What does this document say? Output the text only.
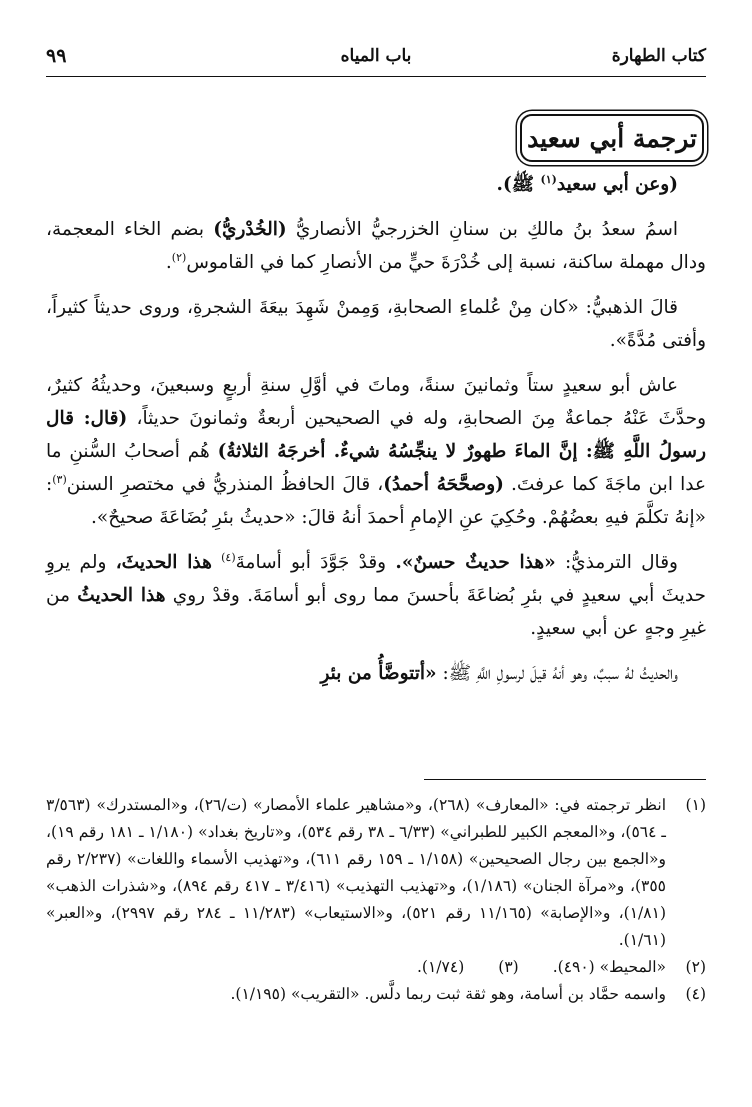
كتاب الطهارة
باب المياه
٩٩
ترجمة أبي سعيد

(وعن أبي سعيد$^{(١)}$ ﷺ).

اسمُ سعدُ بنُ مالكِ بن سنانِ الخزرجيُّ الأنصاريُّ (الخُدْريُّ) بضم الخاء المعجمة، ودال مهملة ساكنة، نسبة إلى خُدْرَةَ حيٍّ من الأنصارِ كما في القاموس$^{(٢)}$.

قالَ الذهبيُّ: «كان مِنْ عُلماءِ الصحابةِ، وَمِمنْ شَهِدَ بيعَةَ الشجرةِ، وروى حديثاً كثيراً، وأفتى مُدَّةً».

عاش أبو سعيدٍ ستاً وثمانينَ سنةً، وماتَ في أوَّلِ سنةِ أربعٍ وسبعينَ، وحديثُهُ كثيرٌ، وحدَّثَ عَنْهُ جماعةٌ مِنَ الصحابةِ، وله في الصحيحين أربعةٌ وثمانونَ حديثاً، (قال: قال رسولُ اللَّهِ ﷺ: إنَّ الماءَ طهورٌ لا ينجِّسُهُ شيءٌ. أخرجَهُ الثلاثةُ) هُم أصحابُ السُّننِ ما عدا ابن ماجَةَ كما عرفتَ. (وصحَّحَهُ أحمدُ)، قالَ الحافظُ المنذريُّ في مختصرِ السنن$^{(٣)}$: «إنهُ تكلَّمَ فيهِ بعضُهُمْ. وحُكِيَ عنِ الإمامِ أحمدَ أنهُ قالَ: «حديثُ بئرِ بُضَاعَةَ صحيحٌ».

وقال الترمذيُّ: «هذا حديثٌ حسنٌ». وقدْ جَوَّدَ أبو أسامةَ$^{(٤)}$ هذا الحديثَ، ولم يروِ حديثَ أبي سعيدٍ في بئرِ بُضاعَةَ بأحسنَ مما روى أبو أسامَةَ. وقدْ روي هذا الحديثُ من غيرِ وجهٍ عن أبي سعيدٍ.

والحديثُ لهُ سببٌ، وهو أنهُ قيلَ لرسولِ اللَّهِ ﷺ: «أتتوضَّأُ من بئرِ

(١)
انظر ترجمته في: «المعارف» (٢٦٨)، و«مشاهير علماء الأمصار» (ت/٢٦)، و«المستدرك» (٣/٥٦٣ ـ ٥٦٤)، و«المعجم الكبير للطبراني» (٦/٣٣ ـ ٣٨ رقم ٥٣٤)، و«تاريخ بغداد» (١/١٨٠ ـ ١٨١ رقم ١٩)، و«الجمع بين رجال الصحيحين» (١/١٥٨ ـ ١٥٩ رقم ٦١١)، و«تهذيب الأسماء واللغات» (٢/٢٣٧ رقم ٣٥٥)، و«مرآة الجنان» (١/١٨٦)، و«تهذيب التهذيب» (٣/٤١٦ ـ ٤١٧ رقم ٨٩٤)، و«شذرات الذهب» (١/٨١)، و«الإصابة» (١١/١٦٥ رقم ٥٢١)، و«الاستيعاب» (١١/٢٨٣ ـ ٢٨٤ رقم ٢٩٩٧)، و«العبر» (١/٦١).
(٢)
«المحيط» (٤٩٠).
(٣)
(١/٧٤).
(٤)
واسمه حمَّاد بن أسامة، وهو ثقة ثبت ربما دلَّس. «التقريب» (١/١٩٥).
